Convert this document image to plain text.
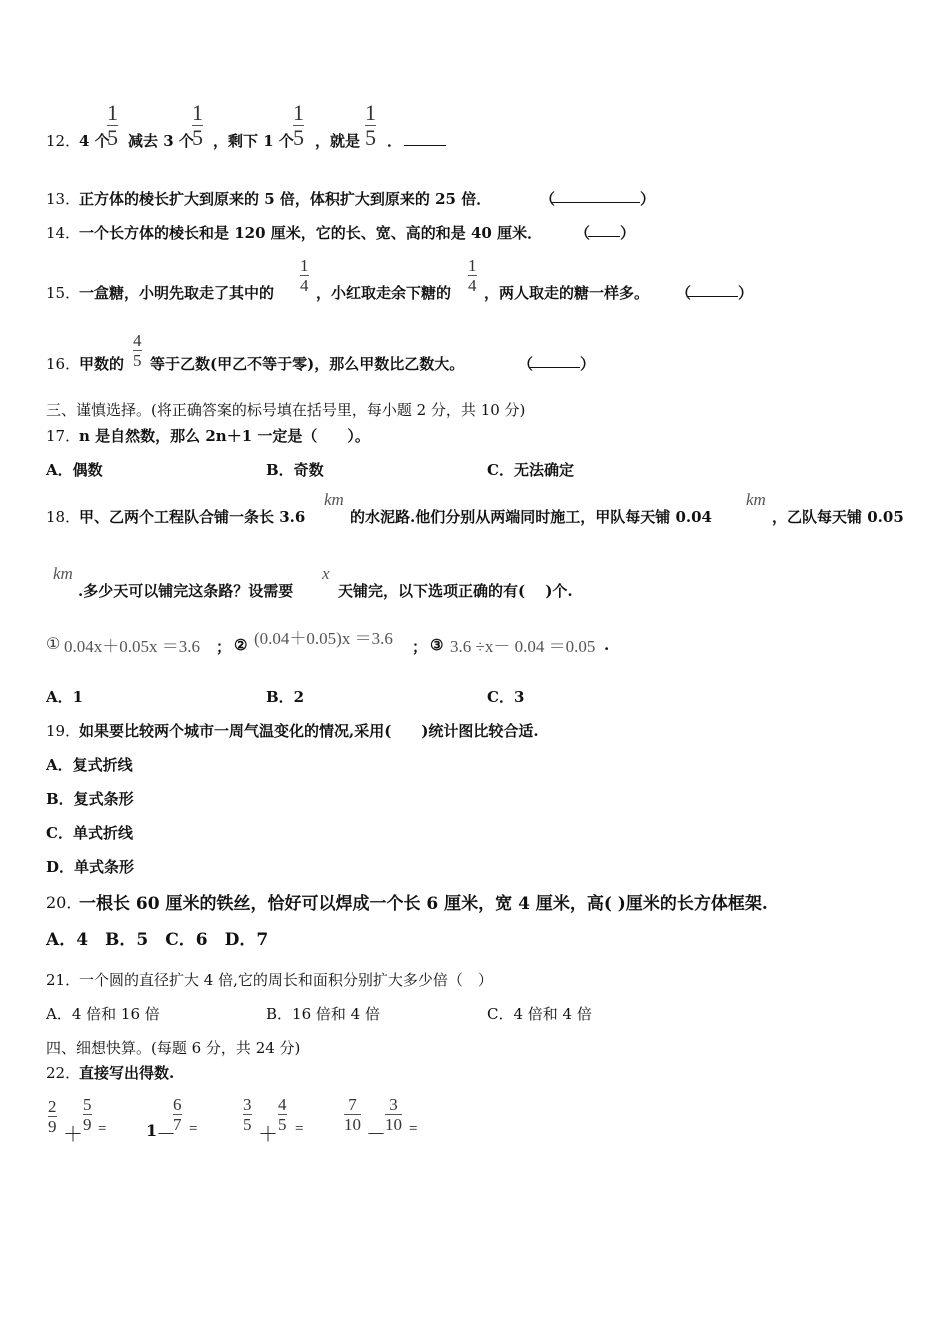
12．
4 个
1
5 减去 3 个
1
5 ，剩下 1 个
1
5 ，就是
1
5 ．
13．
正方体的棱长扩大到原来的 5 倍，体积扩大到原来的 25 倍．	（	）
14．
一个长方体的棱长和是 120 厘米，它的长、宽、高的和是 40 厘米． （ ）
15．
一盒糖，小明先取走了其中的
1
4 ，小红取走余下糖的
1
4 ，两人取走的糖一样多。 （	）
16．
甲数的
4
5 等于乙数(甲乙不等于零)，那么甲数比乙数大。	（	）
三、谨慎选择。(将正确答案的标号填在括号里，每小题 2 分，共 10 分)
17．
n 是自然数，那么 2n＋1 一定是（　　）。
A．偶数	B．奇数	C．无法确定
18．
甲、乙两个工程队合铺一条长 3.6
km
的水泥路.他们分别从两端同时施工，甲队每天铺 0.04
km
，乙队每天铺 0.05
km
.多少天可以铺完这条路？设需要
x
天铺完，以下选项正确的有(　 )个.
① 0.04x＋0.05x ＝3.6 ； ② (0.04＋0.05)x ＝3.6 ； ③ 3.6 ÷x－ 0.04 ＝0.05 .
A．1	B．2	C．3
19．
如果要比较两个城市一周气温变化的情况,采用(　　)统计图比较合适.
A．复式折线
B．复式条形
C．单式折线
D．单式条形
20．
一根长 60 厘米的铁丝，恰好可以焊成一个长 6 厘米，宽 4 厘米，高( )厘米的长方体框架.
A．4　B．5　C．6　D．7
21．
一个圆的直径扩大 4 倍,它的周长和面积分别扩大多少倍（　）
A．4 倍和 16 倍	B．16 倍和 4 倍	C．4 倍和 4 倍
四、细想快算。(每题 6 分，共 24 分)
22．
直接写出得数.
2
9 ＋
5
9 = 1
－
6
7 =
3
5 ＋
4
5 =
7
10 －
3
10 =
